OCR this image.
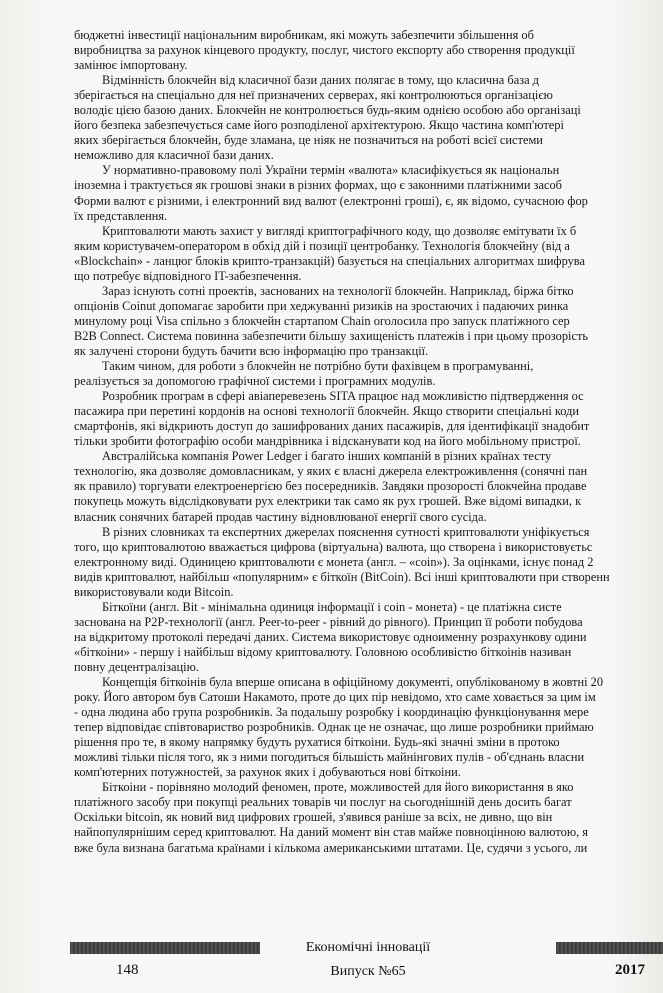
бюджетні інвестиції національним виробникам, які можуть забезпечити збільшення об
виробництва за рахунок кінцевого продукту, послуг, чистого експорту або створення продукції
замінює імпортовану.
Відмінність блокчейн від класичної бази даних полягає в тому, що класична база д
зберігається на спеціально для неї призначених серверах, які контролюються організацією
володіє цією базою даних. Блокчейн не контролюється будь-яким однією особою або організаці
його безпека забезпечується саме його розподіленої архітектурою. Якщо частина комп'ютері
яких зберігається блокчейн, буде зламана, це ніяк не позначиться на роботі всієї системи
неможливо для класичної бази даних.
У нормативно-правовому полі України термін «валюта» класифікується як національн
іноземна і трактується як грошові знаки в різних формах, що є законними платіжними засоб
Форми валют є різними, і електронний вид валют (електронні гроші), є, як відомо, сучасною фор
їх представлення.
Криптовалюти мають захист у вигляді криптографічного коду, що дозволяє емітувати їх б
яким користувачем-оператором в обхід дій і позиції центробанку. Технологія блокчейну (від а
«Blockchain» - ланцюг блоків крипто-транзакцій) базується на спеціальних алгоритмах шифрува
що потребує відповідного IT-забезпечення.
Зараз існують сотні проектів, заснованих на технології блокчейн. Наприклад, біржа бітко
опціонів Coinut допомагає заробити при хеджуванні ризиків на зростаючих і падаючих ринка
минулому році Visa спільно з блокчейн стартапом Chain оголосила про запуск платіжного сер
B2B Connect. Система повинна забезпечити більшу захищеність платежів і при цьому прозорість
як залучені сторони будуть бачити всю інформацію про транзакції.
Таким чином, для роботи з блокчейн не потрібно бути фахівцем в програмуванні,
реалізується за допомогою графічної системи і програмних модулів.
Розробник програм в сфері авіаперевезень SITA працює над можливістю підтвердження ос
пасажира при перетині кордонів на основі технології блокчейн. Якщо створити спеціальні коди
смартфонів, які відкриють доступ до зашифрованих даних пасажирів, для ідентифікації знадобит
тільки зробити фотографію особи мандрівника і відсканувати код на його мобільному пристрої.
Австралійська компанія Power Ledger і багато інших компаній в різних країнах тесту
технологію, яка дозволяє домовласникам, у яких є власні джерела електроживлення (сонячні пан
як правило) торгувати електроенергією без посередників. Завдяки прозорості блокчейна продаве
покупець можуть відслідковувати рух електрики так само як рух грошей. Вже відомі випадки, к
власник сонячних батарей продав частину відновлюваної енергії свого сусіда.
В різних словниках та експертних джерелах пояснення сутності криптовалюти уніфікується
того, що криптовалютою вважається цифрова (віртуальна) валюта, що створена і використовуєтьс
електронному виді. Одиницею криптовалюти є монета (англ. – «coin»). За оцінками, існує понад 2
видів криптовалют, найбільш «популярним» є біткоїн (BitCoin). Всі інші криптовалюти при створенн
використовували коди Bitcoin.
Біткоїни (англ. Bit - мінімальна одиниця інформації і coin - монета) - це платіжна систе
заснована на P2P-технології (англ. Peer-to-peer - рівний до рівного). Принцип її роботи побудова
на відкритому протоколі передачі даних. Система використовує одноименну розрахункову одини
«біткоіни» - першу і найбільш відому криптовалюту. Головною особливістю біткоінів називан
повну децентралізацію.
Концепція біткоінів була вперше описана в офіційному документі, опублікованому в жовтні 20
року. Його автором був Сатоши Накамото, проте до цих пір невідомо, хто саме ховається за цим ім
- одна людина або група розробників. За подальшу розробку і координацію функціонування мере
тепер відповідає співтовариство розробників. Однак це не означає, що лише розробники приймаю
рішення про те, в якому напрямку будуть рухатися біткоіни. Будь-які значні зміни в протоко
можливі тільки після того, як з ними погодиться більшість майнінгових пулів - об'єднань власни
комп'ютерних потужностей, за рахунок яких і добуваються нові біткоіни.
Біткоіни - порівняно молодий феномен, проте, можливостей для його використання в яко
платіжного засобу при покупці реальних товарів чи послуг на сьогоднішній день досить багат
Оскільки bitcoin, як новий вид цифрових грошей, з'явився раніше за всіх, не дивно, що він
найпопулярнішим серед криптовалют. На даний момент він став майже повноцінною валютою, я
вже була визнана багатьма країнами і кількома американськими штатами. Це, судячи з усього, ли
148
Економічні інновації
Випуск №65	2017
